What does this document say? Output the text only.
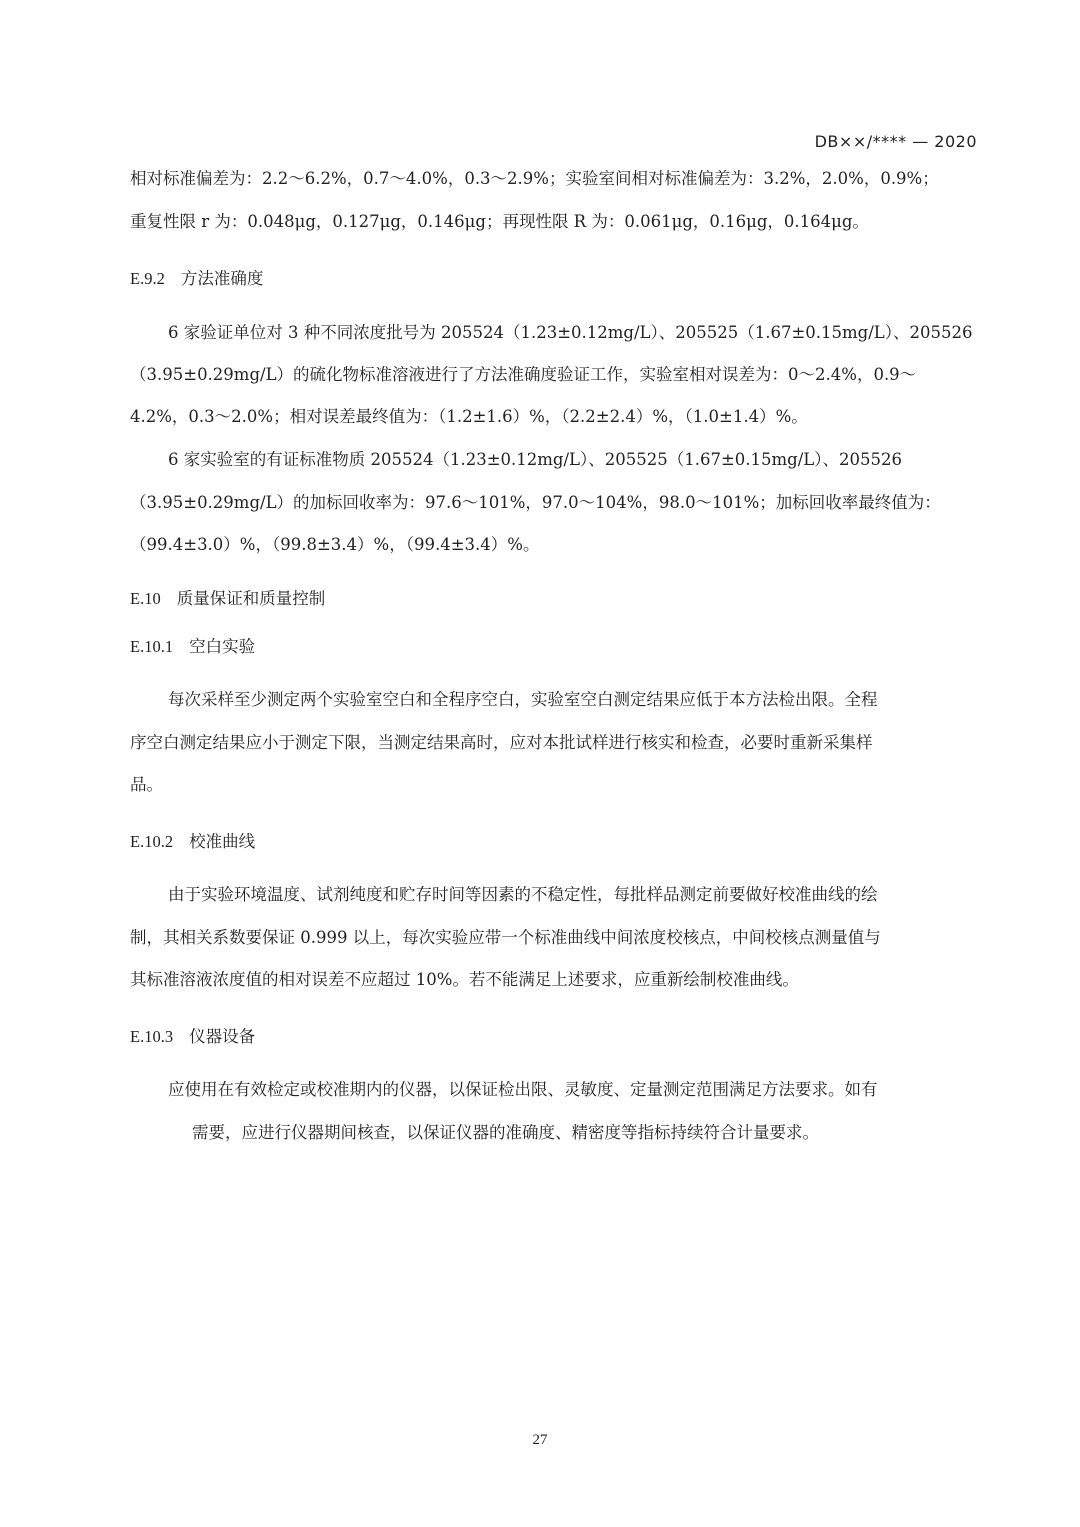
DB××/**** — 2020
相对标准偏差为：2.2～6.2%，0.7～4.0%，0.3～2.9%；实验室间相对标准偏差为：3.2%，2.0%，0.9%；
重复性限 r 为：0.048μg，0.127μg，0.146μg；再现性限 R 为：0.061μg，0.16μg，0.164μg。
E.9.2 方法准确度
6 家验证单位对 3 种不同浓度批号为 205524（1.23±0.12mg/L）、205525（1.67±0.15mg/L）、205526
（3.95±0.29mg/L）的硫化物标准溶液进行了方法准确度验证工作，实验室相对误差为：0～2.4%，0.9～
4.2%，0.3～2.0%；相对误差最终值为：（1.2±1.6）%，（2.2±2.4）%，（1.0±1.4）%。
6 家实验室的有证标准物质 205524（1.23±0.12mg/L）、205525（1.67±0.15mg/L）、205526
（3.95±0.29mg/L）的加标回收率为：97.6～101%，97.0～104%，98.0～101%；加标回收率最终值为：
（99.4±3.0）%，（99.8±3.4）%，（99.4±3.4）%。
E.10 质量保证和质量控制
E.10.1 空白实验
每次采样至少测定两个实验室空白和全程序空白，实验室空白测定结果应低于本方法检出限。全程
序空白测定结果应小于测定下限，当测定结果高时，应对本批试样进行核实和检查，必要时重新采集样
品。
E.10.2 校准曲线
由于实验环境温度、试剂纯度和贮存时间等因素的不稳定性，每批样品测定前要做好校准曲线的绘
制，其相关系数要保证 0.999 以上，每次实验应带一个标准曲线中间浓度校核点，中间校核点测量值与
其标准溶液浓度值的相对误差不应超过 10%。若不能满足上述要求，应重新绘制校准曲线。
E.10.3 仪器设备
应使用在有效检定或校准期内的仪器，以保证检出限、灵敏度、定量测定范围满足方法要求。如有
需要，应进行仪器期间核查，以保证仪器的准确度、精密度等指标持续符合计量要求。
27
